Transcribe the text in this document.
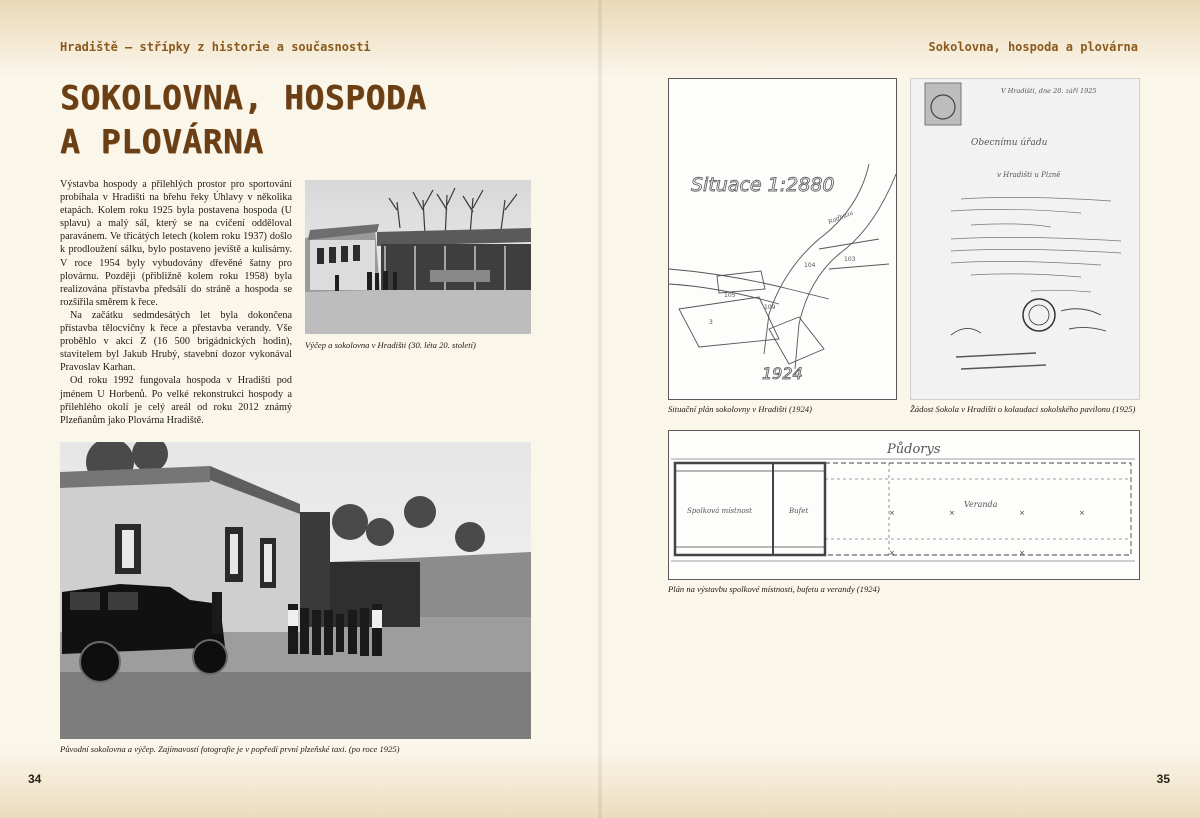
Hradiště – střípky z historie a současnosti	Sokolovna, hospoda a plovárna
SOKOLOVNA, HOSPODA
A PLOVÁRNA

Výstavba hospody a přilehlých prostor pro sportování probíhala v Hradišti na břehu řeky Úhlavy v několika etapách. Kolem roku 1925 byla postavena hospoda (U splavu) a malý sál, který se na cvičení odděloval paravánem. Ve třicátých letech (kolem roku 1937) došlo k prodloužení sálku, bylo postaveno jeviště a kulisárny. V roce 1954 byly vybudovány dřevěné šatny pro plovárnu. Později (přibližně kolem roku 1958) byla realizována přístavba předsálí do stráně a hospoda se rozšířila směrem k řece.

Na začátku sedmdesátých let byla dokončena přístavba tělocvičny k řece a přestavba verandy. Vše proběhlo v akci Z (16 500 brigádnických hodin), stavitelem byl Jakub Hrubý, stavební dozor vykonával Pravoslav Karhan.

Od roku 1992 fungovala hospoda v Hradišti pod jménem U Horbenů. Po velké rekonstrukci hospody a přilehlého okolí je celý areál od roku 2012 známý Plzeňanům jako Plovárna Hradiště.

Výčep a sokolovna v Hradišti (30. léta 20. století)
Původní sokolovna a výčep. Zajímavostí fotografie je v popředí první plzeňské taxi. (po roce 1925)
Situace 1:2880
104
103
109
105
3
Radbuza
1924
Situační plán sokolovny v Hradišti (1924)
V Hradišti, dne 20. září 1925
Obecnímu úřadu
v Hradišti u Plzně
Žádost Sokola v Hradišti o kolaudaci sokolského pavilonu (1925)
Půdorys
×	×	×	×
×	×
Spolková místnost	Bufet
Veranda
Plán na výstavbu spolkové místnosti, bufetu a verandy (1924)
34	35
